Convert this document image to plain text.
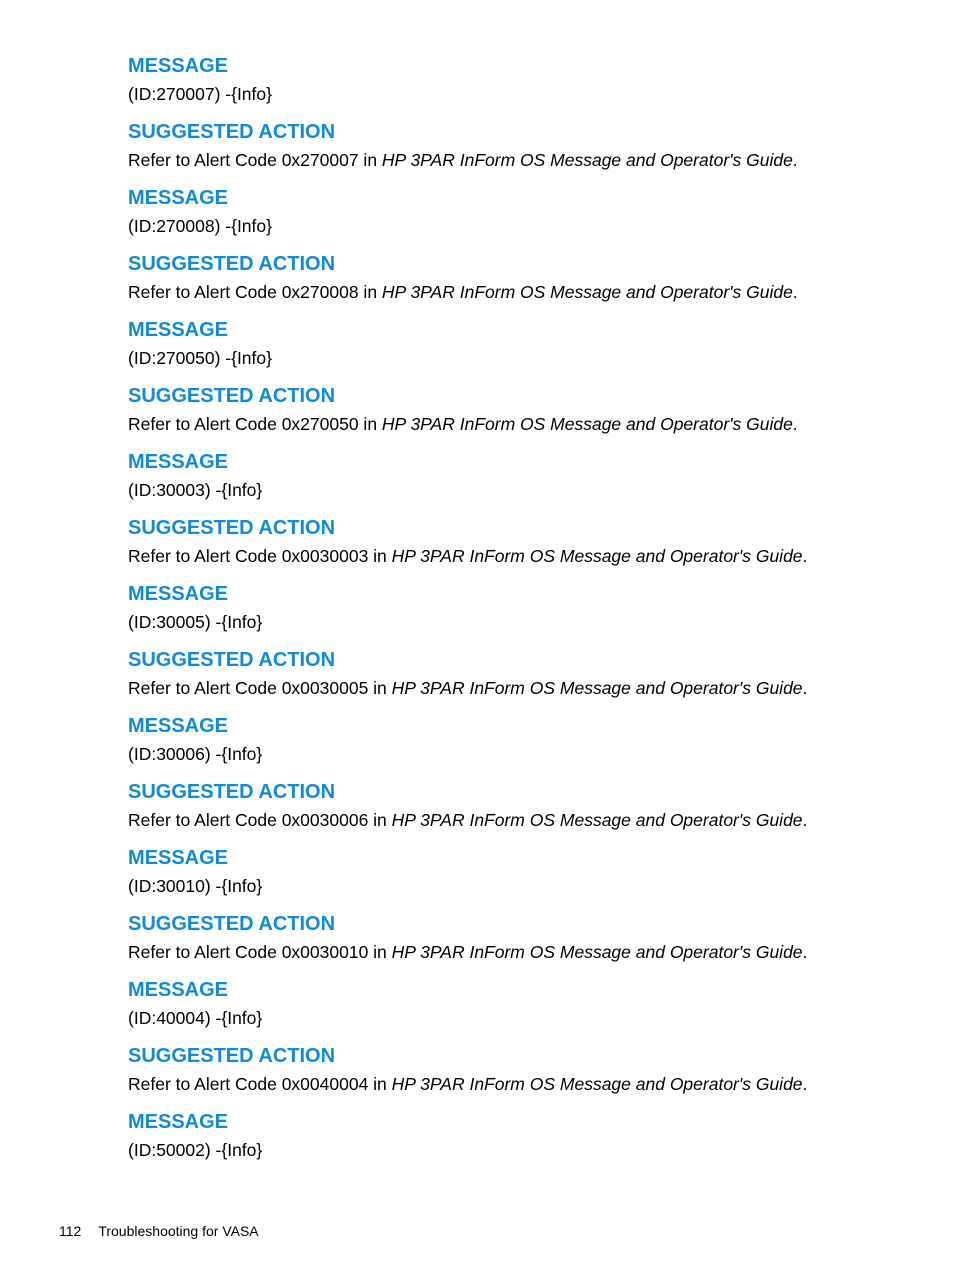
MESSAGE

(ID:270007) -{Info}

SUGGESTED ACTION

Refer to Alert Code 0x270007 in HP 3PAR InForm OS Message and Operator's Guide.

MESSAGE

(ID:270008) -{Info}

SUGGESTED ACTION

Refer to Alert Code 0x270008 in HP 3PAR InForm OS Message and Operator's Guide.

MESSAGE

(ID:270050) -{Info}

SUGGESTED ACTION

Refer to Alert Code 0x270050 in HP 3PAR InForm OS Message and Operator's Guide.

MESSAGE

(ID:30003) -{Info}

SUGGESTED ACTION

Refer to Alert Code 0x0030003 in HP 3PAR InForm OS Message and Operator's Guide.

MESSAGE

(ID:30005) -{Info}

SUGGESTED ACTION

Refer to Alert Code 0x0030005 in HP 3PAR InForm OS Message and Operator's Guide.

MESSAGE

(ID:30006) -{Info}

SUGGESTED ACTION

Refer to Alert Code 0x0030006 in HP 3PAR InForm OS Message and Operator's Guide.

MESSAGE

(ID:30010) -{Info}

SUGGESTED ACTION

Refer to Alert Code 0x0030010 in HP 3PAR InForm OS Message and Operator's Guide.

MESSAGE

(ID:40004) -{Info}

SUGGESTED ACTION

Refer to Alert Code 0x0040004 in HP 3PAR InForm OS Message and Operator's Guide.

MESSAGE

(ID:50002) -{Info}

112 Troubleshooting for VASA
